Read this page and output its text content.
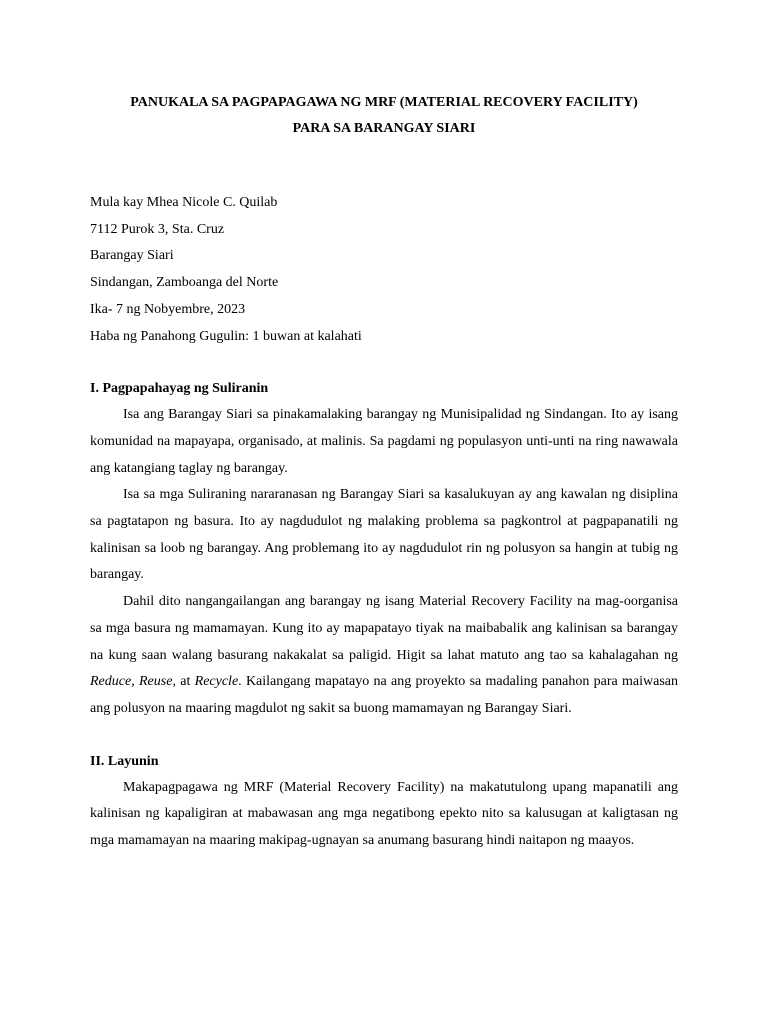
PANUKALA SA PAGPAPAGAWA NG MRF (MATERIAL RECOVERY FACILITY)
PARA SA BARANGAY SIARI

Mula kay Mhea Nicole C. Quilab
7112 Purok 3, Sta. Cruz
Barangay Siari
Sindangan, Zamboanga del Norte
Ika- 7 ng Nobyembre, 2023
Haba ng Panahong Gugulin: 1 buwan at kalahati

I. Pagpapahayag ng Suliranin

Isa ang Barangay Siari sa pinakamalaking barangay ng Munisipalidad ng Sindangan. Ito ay isang komunidad na mapayapa, organisado, at malinis. Sa pagdami ng populasyon unti-unti na ring nawawala ang katangiang taglay ng barangay.

Isa sa mga Suliraning nararanasan ng Barangay Siari sa kasalukuyan ay ang kawalan ng disiplina sa pagtatapon ng basura. Ito ay nagdudulot ng malaking problema sa pagkontrol at pagpapanatili ng kalinisan sa loob ng barangay. Ang problemang ito ay nagdudulot rin ng polusyon sa hangin at tubig ng barangay.

Dahil dito nangangailangan ang barangay ng isang Material Recovery Facility na mag-oorganisa sa mga basura ng mamamayan. Kung ito ay mapapatayo tiyak na maibabalik ang kalinisan sa barangay na kung saan walang basurang nakakalat sa paligid. Higit sa lahat matuto ang tao sa kahalagahan ng Reduce, Reuse, at Recycle. Kailangang mapatayo na ang proyekto sa madaling panahon para maiwasan ang polusyon na maaring magdulot ng sakit sa buong mamamayan ng Barangay Siari.

II. Layunin

Makapagpagawa ng MRF (Material Recovery Facility) na makatutulong upang mapanatili ang kalinisan ng kapaligiran at mabawasan ang mga negatibong epekto nito sa kalusugan at kaligtasan ng mga mamamayan na maaring makipag-ugnayan sa anumang basurang hindi naitapon ng maayos.
